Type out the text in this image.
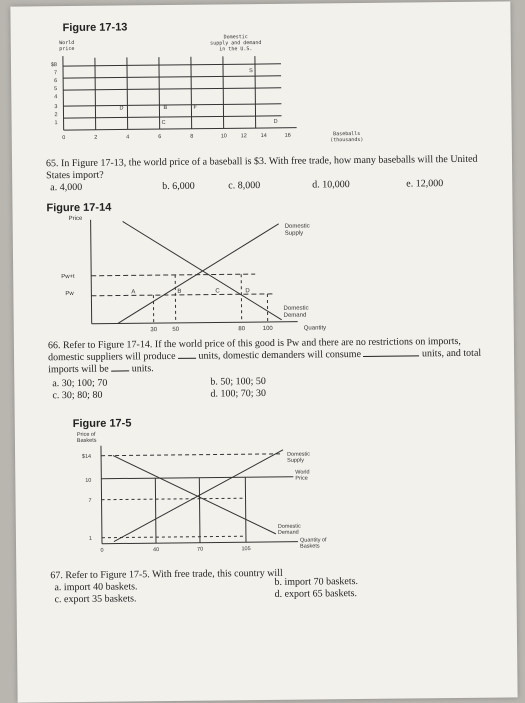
Figure 17-13
World
price
Domestic
supply and demand
in the U.S.
Baseballs
(thousands)
$8
7
6
5
4
3
2
1
0	2	4	6	8	10	12	14	16
S
B	F
D
C	D
65. In Figure 17-13, the world price of a baseball is $3. With free trade, how many baseballs will the United States import?
a. 4,000	b. 6,000	c. 8,000	d. 10,000	e. 12,000
Figure 17-14
Price
Domestic
Supply
Domestic
Demand
Quantity
Pw+t
Pw	A	B	C	D
30	50	80	100
66. Refer to Figure 17-14. If the world price of this good is Pw and there are no restrictions on imports, domestic suppliers will produce units, domestic demanders will consume	units, and total imports will be units.
a. 30; 100; 70	b. 50; 100; 50
c. 30; 80; 80	d. 100; 70; 30
Figure 17-5
Price of
Baskets
$14
10
7
1
0	40	70	105
Domestic
Supply
World
Price
Domestic
Demand
Quantity of
Baskets
67. Refer to Figure 17-5. With free trade, this country will
a. import 40 baskets.	b. import 70 baskets.
c. export 35 baskets.	d. export 65 baskets.
